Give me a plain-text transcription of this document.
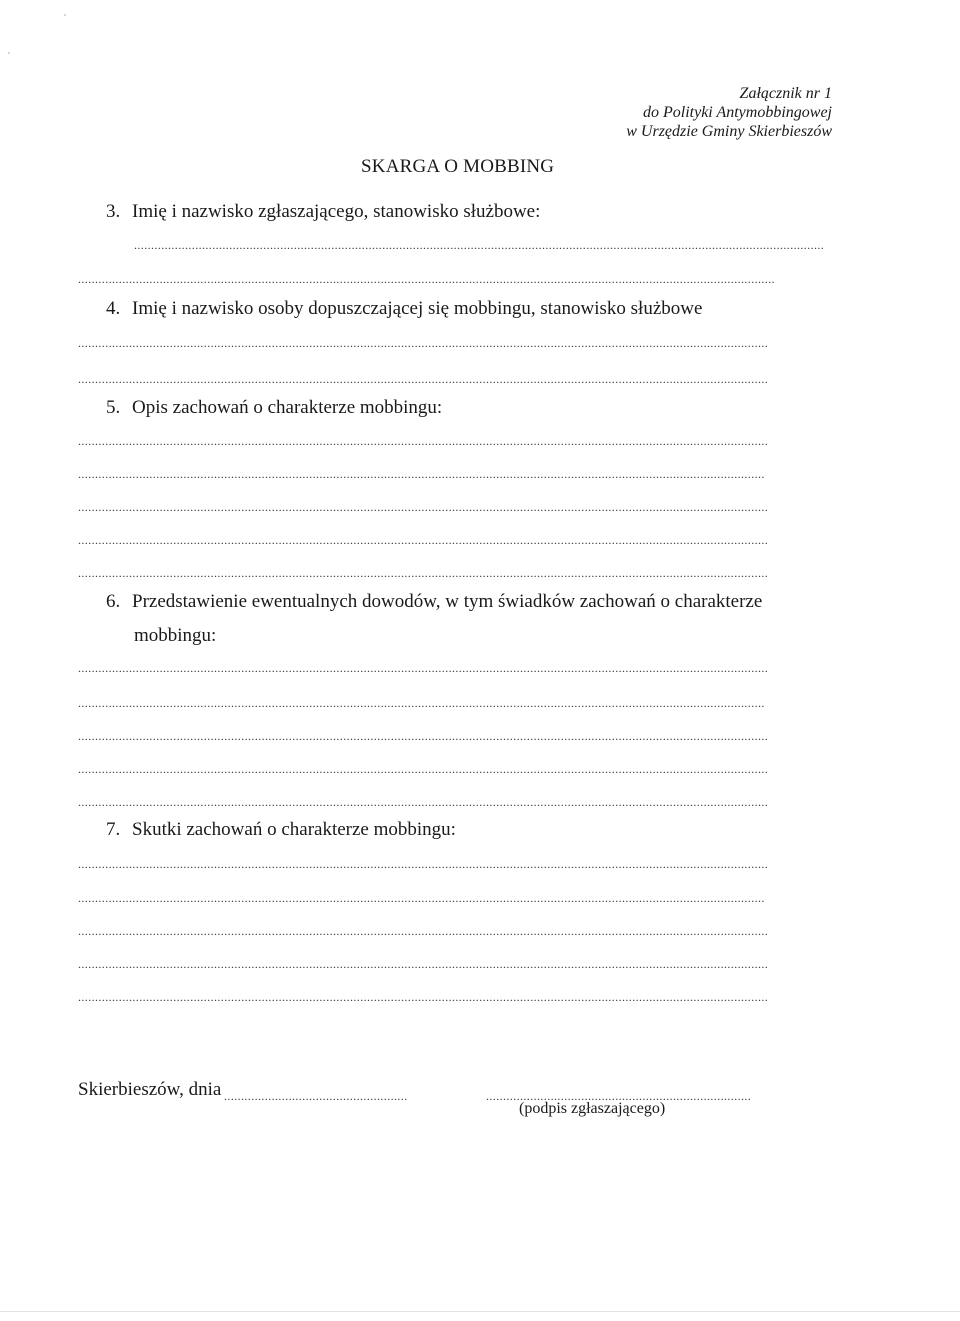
Załącznik nr 1
do Polityki Antymobbingowej
w Urzędzie Gminy Skierbieszów
SKARGA O MOBBING
3. Imię i nazwisko zgłaszającego, stanowisko służbowe:
...........................................................................................................................................................................................................
.............................................................................................................................................................................................................
4. Imię i nazwisko osoby dopuszczającej się mobbingu, stanowisko służbowe
...........................................................................................................................................................................................................
...........................................................................................................................................................................................................
5. Opis zachowań o charakterze mobbingu:
...........................................................................................................................................................................................................
..........................................................................................................................................................................................................
...........................................................................................................................................................................................................
...........................................................................................................................................................................................................
...........................................................................................................................................................................................................
6. Przedstawienie ewentualnych dowodów, w tym świadków zachowań o charakterze
mobbingu:
...........................................................................................................................................................................................................
..........................................................................................................................................................................................................
...........................................................................................................................................................................................................
...........................................................................................................................................................................................................
...........................................................................................................................................................................................................
7. Skutki zachowań o charakterze mobbingu:
...........................................................................................................................................................................................................
..........................................................................................................................................................................................................
...........................................................................................................................................................................................................
...........................................................................................................................................................................................................
...........................................................................................................................................................................................................
Skierbieszów, dnia ......................................................	..............................................................................
(podpis zgłaszającego)
